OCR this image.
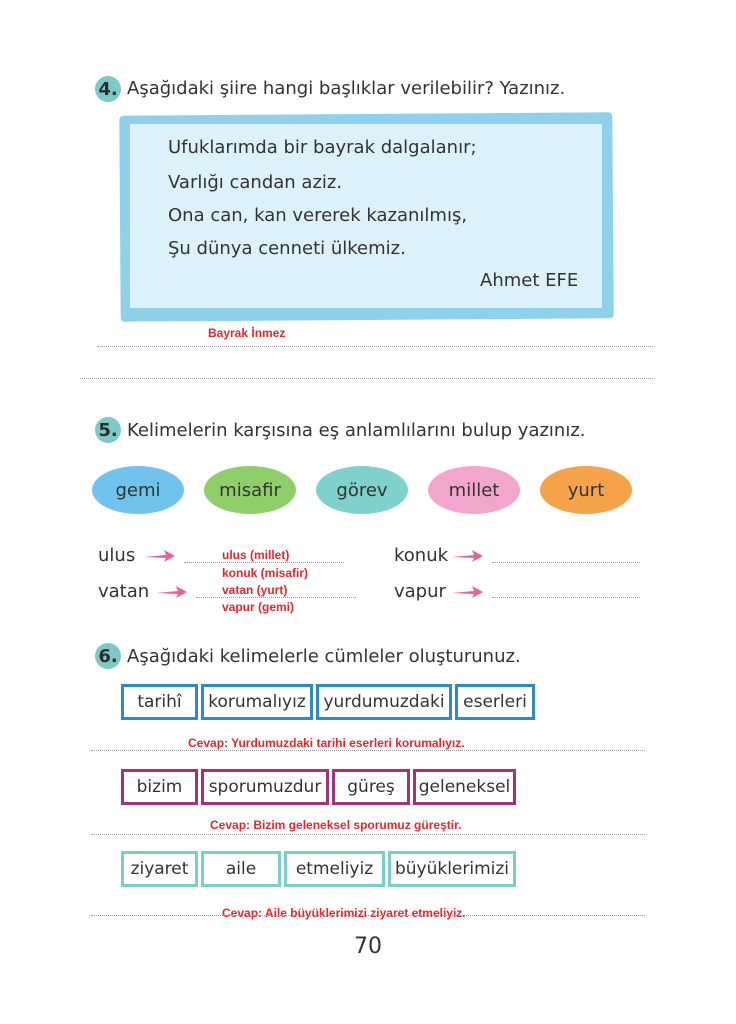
4. Aşağıdaki şiire hangi başlıklar verilebilir? Yazınız.
Ufuklarımda bir bayrak dalgalanır;
Varlığı candan aziz.
Ona can, kan vererek kazanılmış,
Şu dünya cenneti ülkemiz.
Ahmet EFE
Bayrak İnmez
5. Kelimelerin karşısına eş anlamlılarını bulup yazınız.
gemi	misafir	görev	millet	yurt
ulus
vatan
konuk
vapur
ulus (millet)
konuk (misafir)
vatan (yurt)
vapur (gemi)
6. Aşağıdaki kelimelerle cümleler oluşturunuz.
tarihî	korumalıyız	yurdumuzdaki	eserleri
Cevap: Yurdumuzdaki tarihi eserleri korumalıyız.
bizim	sporumuzdur	güreş	geleneksel
Cevap: Bizim geleneksel sporumuz güreştir.
ziyaret	aile	etmeliyiz	büyüklerimizi
Cevap: Aile büyüklerimizi ziyaret etmeliyiz.
70
